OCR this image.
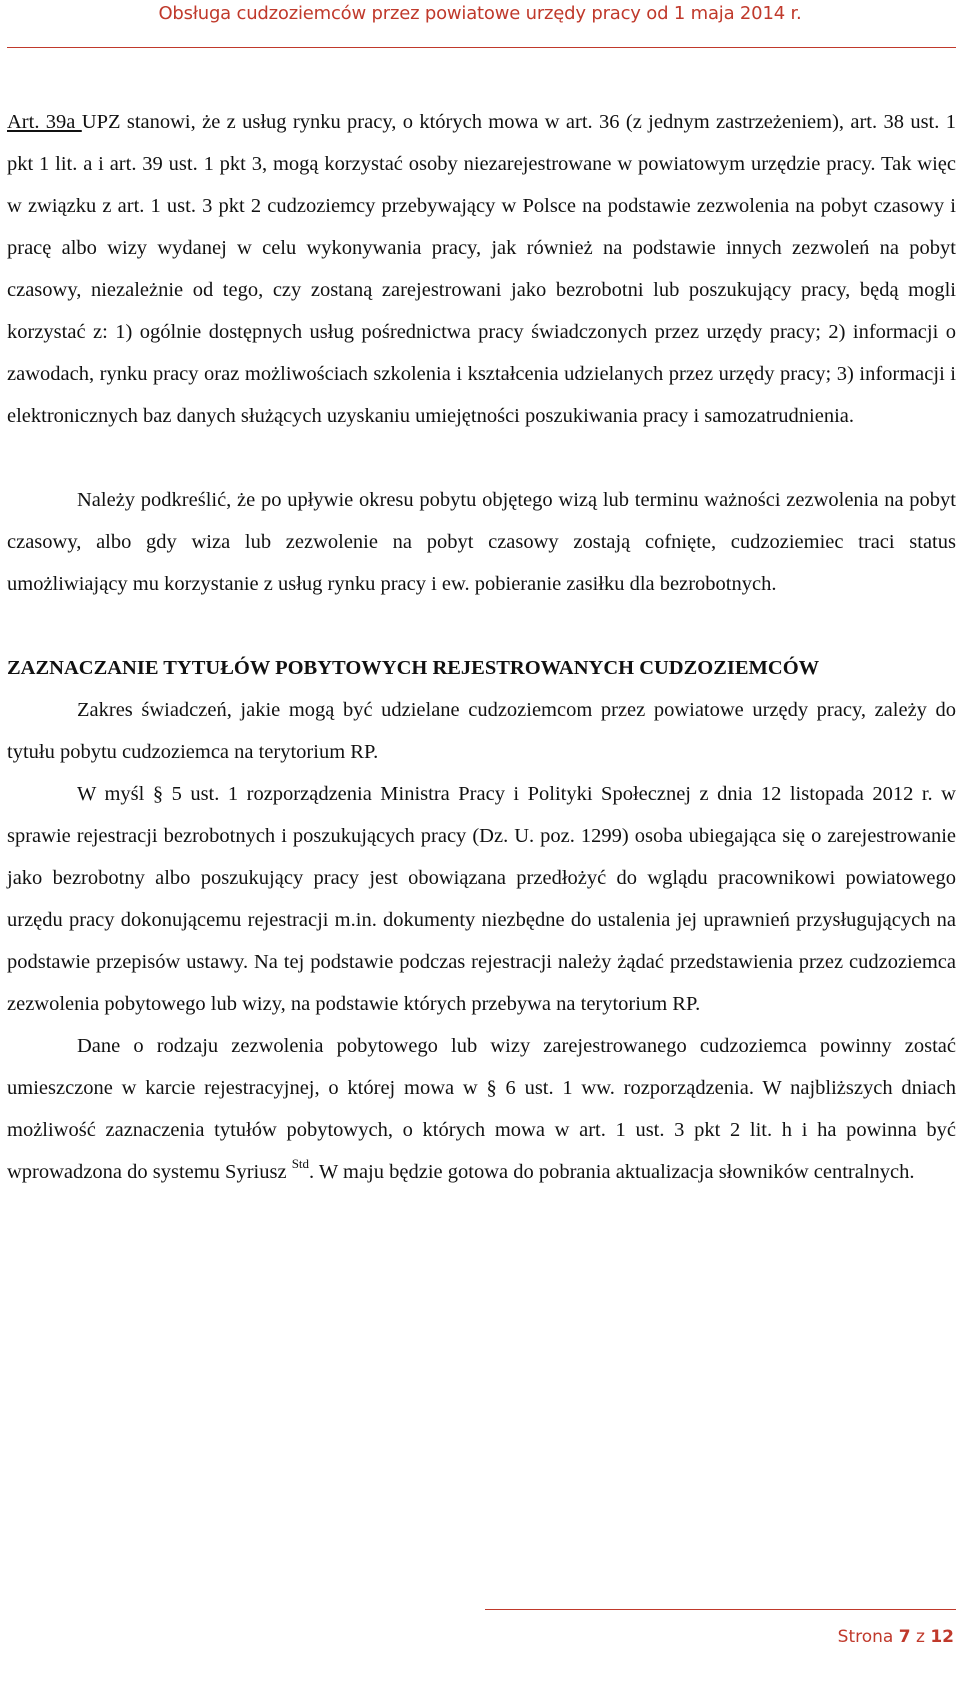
Obsługa cudzoziemców przez powiatowe urzędy pracy od 1 maja 2014 r.

Art. 39a UPZ stanowi, że z usług rynku pracy, o których mowa w art. 36 (z jednym zastrzeżeniem), art. 38 ust. 1 pkt 1 lit. a i art. 39 ust. 1 pkt 3, mogą korzystać osoby niezarejestrowane w powiatowym urzędzie pracy. Tak więc w związku z art. 1 ust. 3 pkt 2 cudzoziemcy przebywający w Polsce na podstawie zezwolenia na pobyt czasowy i pracę albo wizy wydanej w celu wykonywania pracy, jak również na podstawie innych zezwoleń na pobyt czasowy, niezależnie od tego, czy zostaną zarejestrowani jako bezrobotni lub poszukujący pracy, będą mogli korzystać z: 1) ogólnie dostępnych usług pośrednictwa pracy świadczonych przez urzędy pracy; 2) informacji o zawodach, rynku pracy oraz możliwościach szkolenia i kształcenia udzielanych przez urzędy pracy; 3) informacji i elektronicznych baz danych służących uzyskaniu umiejętności poszukiwania pracy i samozatrudnienia.

Należy podkreślić, że po upływie okresu pobytu objętego wizą lub terminu ważności zezwolenia na pobyt czasowy, albo gdy wiza lub zezwolenie na pobyt czasowy zostają cofnięte, cudzoziemiec traci status umożliwiający mu korzystanie z usług rynku pracy i ew. pobieranie zasiłku dla bezrobotnych.

ZAZNACZANIE TYTUŁÓW POBYTOWYCH REJESTROWANYCH CUDZOZIEMCÓW

Zakres świadczeń, jakie mogą być udzielane cudzoziemcom przez powiatowe urzędy pracy, zależy do tytułu pobytu cudzoziemca na terytorium RP.

W myśl § 5 ust. 1 rozporządzenia Ministra Pracy i Polityki Społecznej z dnia 12 listopada 2012 r. w sprawie rejestracji bezrobotnych i poszukujących pracy (Dz. U. poz. 1299) osoba ubiegająca się o zarejestrowanie jako bezrobotny albo poszukujący pracy jest obowiązana przedłożyć do wglądu pracownikowi powiatowego urzędu pracy dokonującemu rejestracji m.in. dokumenty niezbędne do ustalenia jej uprawnień przysługujących na podstawie przepisów ustawy. Na tej podstawie podczas rejestracji należy żądać przedstawienia przez cudzoziemca zezwolenia pobytowego lub wizy, na podstawie których przebywa na terytorium RP.

Dane o rodzaju zezwolenia pobytowego lub wizy zarejestrowanego cudzoziemca powinny zostać umieszczone w karcie rejestracyjnej, o której mowa w § 6 ust. 1 ww. rozporządzenia. W najbliższych dniach możliwość zaznaczenia tytułów pobytowych, o których mowa w art. 1 ust. 3 pkt 2 lit. h i ha powinna być wprowadzona do systemu Syriusz $^{Std}$. W maju będzie gotowa do pobrania aktualizacja słowników centralnych.

Strona 7 z 12
